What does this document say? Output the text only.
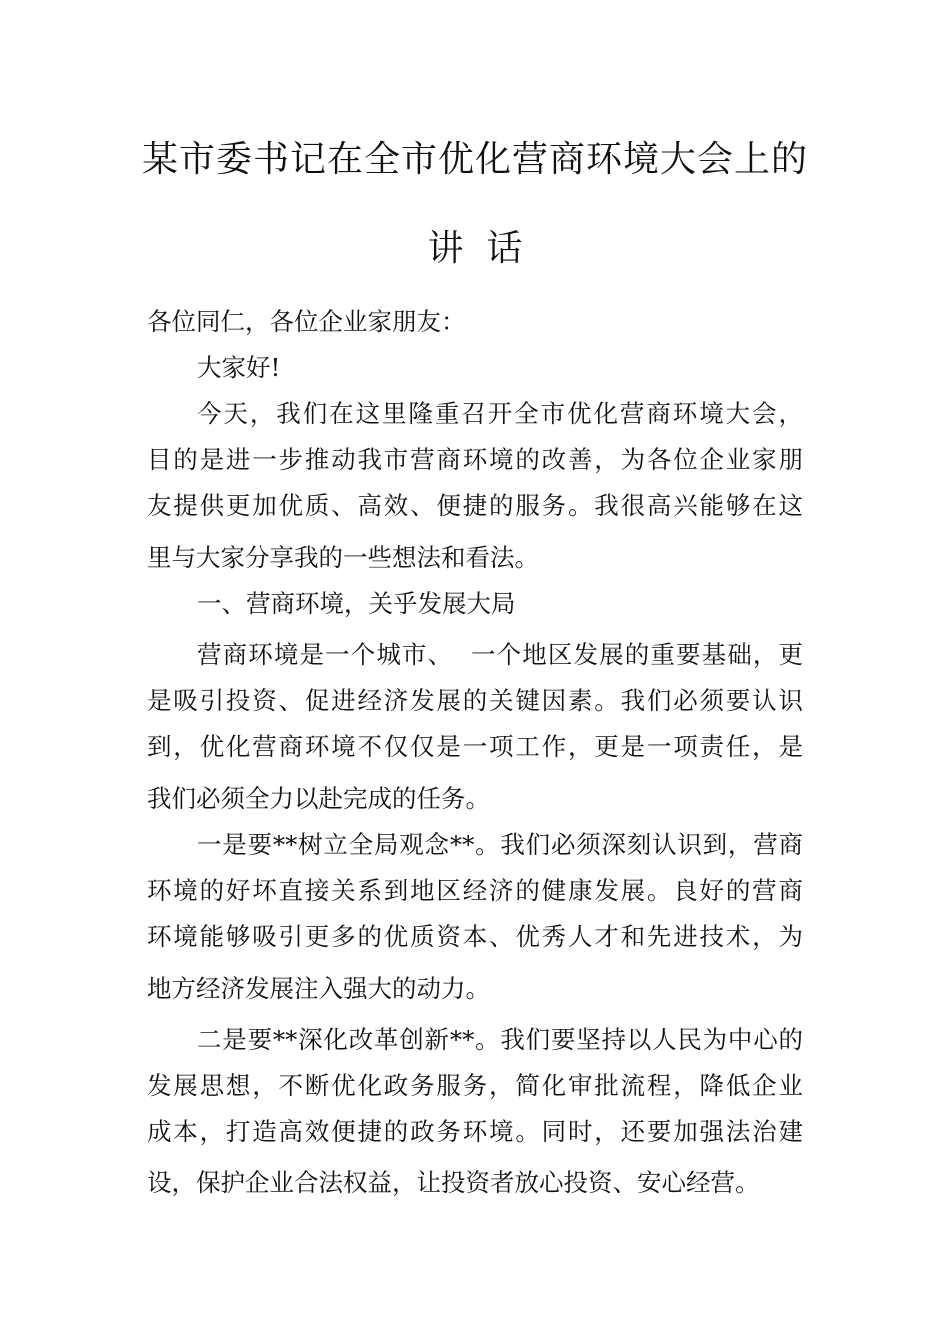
某市委书记在全市优化营商环境大会上的
讲  话
各位同仁，各位企业家朋友：
大家好!
今天，我们在这里隆重召开全市优化营商环境大会，
目的是进一步推动我市营商环境的改善，为各位企业家朋
友提供更加优质、高效、便捷的服务。我很高兴能够在这
里与大家分享我的一些想法和看法。
一、营商环境，关乎发展大局
营商环境是一个城市、  一个地区发展的重要基础，更
是吸引投资、促进经济发展的关键因素。我们必须要认识
到，优化营商环境不仅仅是一项工作，更是一项责任，是
我们必须全力以赴完成的任务。
一是要**树立全局观念**。我们必须深刻认识到，营商
环境的好坏直接关系到地区经济的健康发展。良好的营商
环境能够吸引更多的优质资本、优秀人才和先进技术，为
地方经济发展注入强大的动力。
二是要**深化改革创新**。我们要坚持以人民为中心的
发展思想，不断优化政务服务，简化审批流程，降低企业
成本，打造高效便捷的政务环境。同时，还要加强法治建
设，保护企业合法权益，让投资者放心投资、安心经营。
